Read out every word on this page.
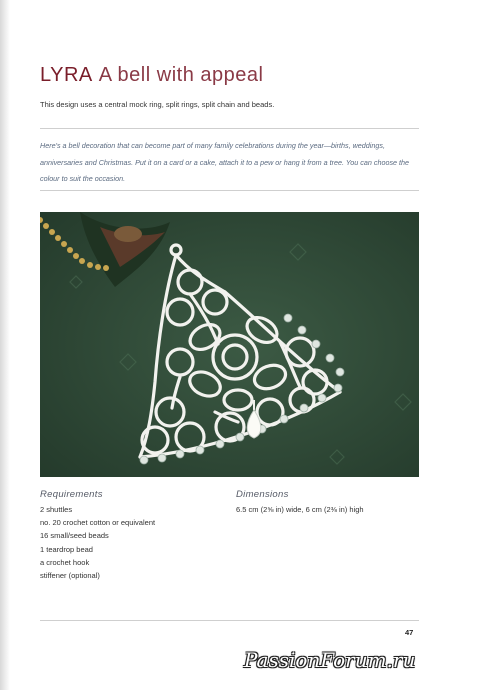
LYRA A bell with appeal
This design uses a central mock ring, split rings, split chain and beads.
Here's a bell decoration that can become part of many family celebrations during the year—births, weddings, anniversaries and Christmas. Put it on a card or a cake, attach it to a pew or hang it from a tree. You can choose the colour to suit the occasion.
Requirements
2 shuttles
no. 20 crochet cotton or equivalent
16 small/seed beads
1 teardrop bead
a crochet hook
stiffener (optional)
Dimensions
6.5 cm (2⅝ in) wide, 6 cm (2⅜ in) high
47
PassionForum.ru
